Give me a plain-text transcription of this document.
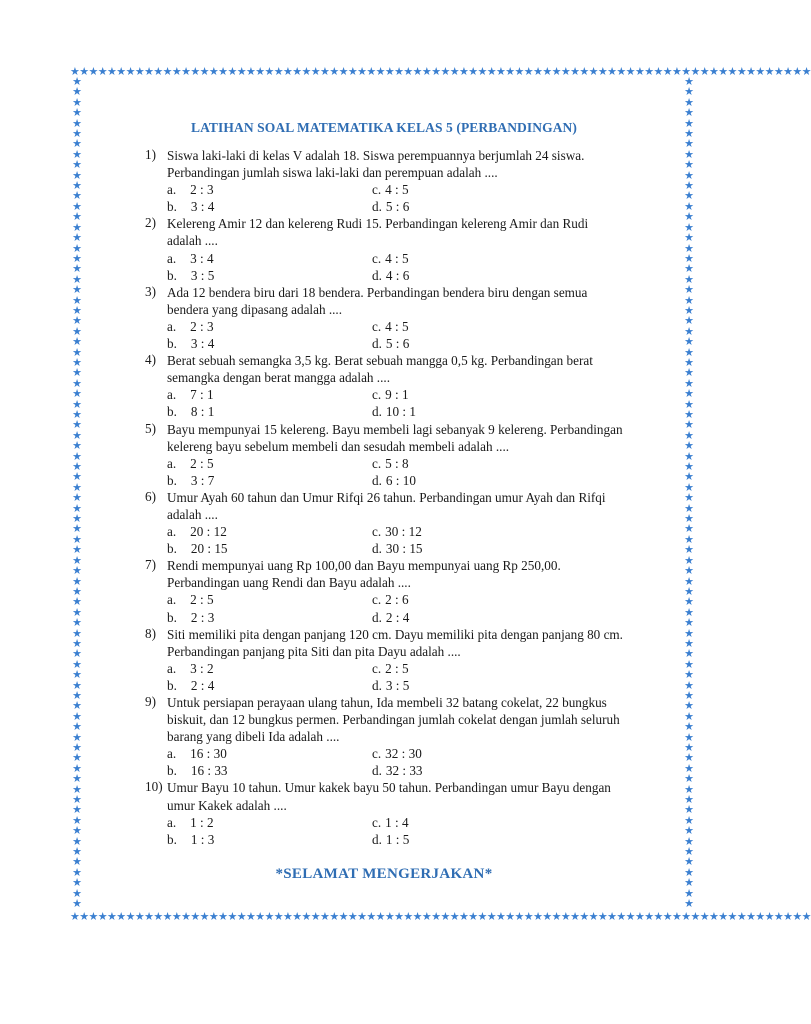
★★★★★★★★★★★★★★★★★★★★★★★★★★★★★★★★★★★★★★★★★★★★★★★★★★★★★★★★★★★★★★★★★★★★★★★★★★★★★★★★
★★★★★★★★★★★★★★★★★★★★★★★★★★★★★★★★★★★★★★★★★★★★★★★★★★★★★★★★★★★★★★★★★★★★★★★★★★★★★★★★
★★★★★★★★★★★★★★★★★★★★★★★★★★★★★★★★★★★★★★★★★★★★★★★★★★★★★★★★★★★★★★★★★★★★★★★★★★★★★★★★
★★★★★★★★★★★★★★★★★★★★★★★★★★★★★★★★★★★★★★★★★★★★★★★★★★★★★★★★★★★★★★★★★★★★★★★★★★★★★★★★
LATIHAN SOAL MATEMATIKA KELAS 5 (PERBANDINGAN)
1) Siswa laki-laki di kelas V adalah 18. Siswa perempuannya berjumlah 24 siswa.
Perbandingan jumlah siswa laki-laki dan perempuan adalah ....
a. 2 : 3	c. 4 : 5
b. 3 : 4	d. 5 : 6
2) Kelereng Amir 12 dan kelereng Rudi 15. Perbandingan kelereng Amir dan Rudi
adalah ....
a. 3 : 4	c. 4 : 5
b. 3 : 5	d. 4 : 6
3) Ada 12 bendera biru dari 18 bendera. Perbandingan bendera biru dengan semua
bendera yang dipasang adalah ....
a. 2 : 3	c. 4 : 5
b. 3 : 4	d. 5 : 6
4) Berat sebuah semangka 3,5 kg. Berat sebuah mangga 0,5 kg. Perbandingan berat
semangka dengan berat mangga adalah ....
a. 7 : 1	c. 9 : 1
b. 8 : 1	d. 10 : 1
5) Bayu mempunyai 15 kelereng. Bayu membeli lagi sebanyak 9 kelereng. Perbandingan
kelereng bayu sebelum membeli dan sesudah membeli adalah ....
a. 2 : 5	c. 5 : 8
b. 3 : 7	d. 6 : 10
6) Umur Ayah 60 tahun dan Umur Rifqi 26 tahun. Perbandingan umur Ayah dan Rifqi
adalah ....
a. 20 : 12	c. 30 : 12
b. 20 : 15	d. 30 : 15
7) Rendi mempunyai uang Rp 100,00 dan Bayu mempunyai uang Rp 250,00.
Perbandingan uang Rendi dan Bayu adalah ....
a. 2 : 5	c. 2 : 6
b. 2 : 3	d. 2 : 4
8) Siti memiliki pita dengan panjang 120 cm. Dayu memiliki pita dengan panjang 80 cm.
Perbandingan panjang pita Siti dan pita Dayu adalah ....
a. 3 : 2	c. 2 : 5
b. 2 : 4	d. 3 : 5
9) Untuk persiapan perayaan ulang tahun, Ida membeli 32 batang cokelat, 22 bungkus
biskuit, dan 12 bungkus permen. Perbandingan jumlah cokelat dengan jumlah seluruh
barang yang dibeli Ida adalah ....
a. 16 : 30	c. 32 : 30
b. 16 : 33	d. 32 : 33
10) Umur Bayu 10 tahun. Umur kakek bayu 50 tahun. Perbandingan umur Bayu dengan
umur Kakek adalah ....
a. 1 : 2	c. 1 : 4
b. 1 : 3	d. 1 : 5
*SELAMAT MENGERJAKAN*
